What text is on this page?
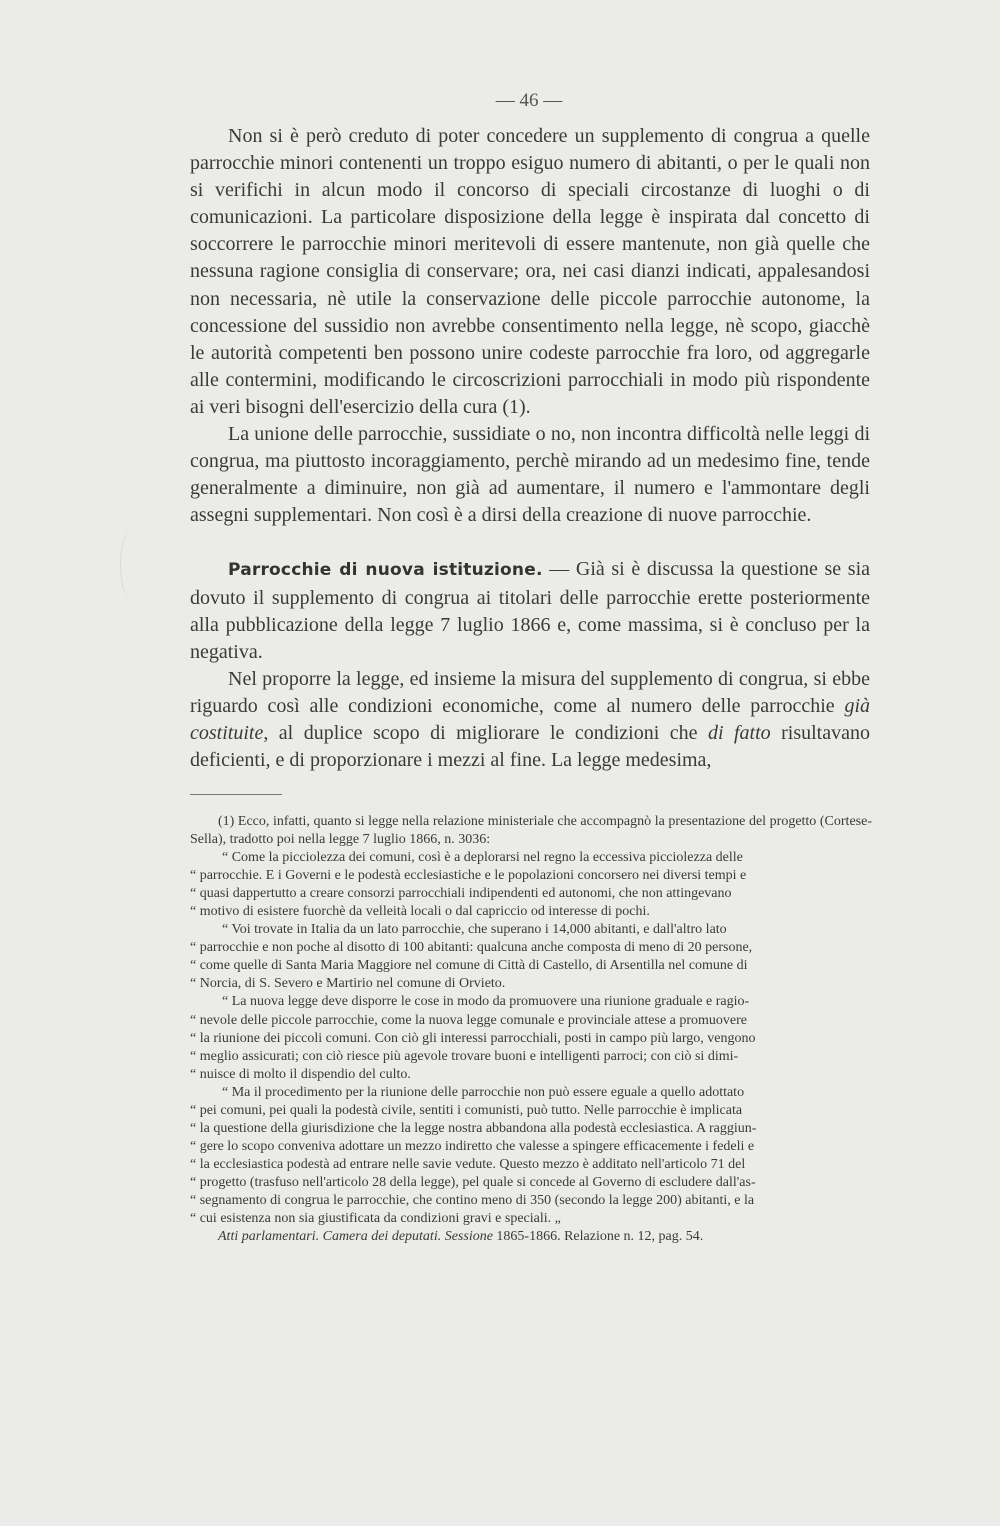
— 46 —

Non si è però creduto di poter concedere un supplemento di congrua a quelle parrocchie minori contenenti un troppo esiguo numero di abitanti, o per le quali non si verifichi in alcun modo il concorso di speciali circostanze di luoghi o di comunicazioni. La particolare disposizione della legge è inspirata dal concetto di soccorrere le parrocchie minori meritevoli di essere mantenute, non già quelle che nessuna ragione consiglia di conservare; ora, nei casi dianzi indicati, appalesandosi non necessaria, nè utile la conservazione delle piccole parrocchie autonome, la concessione del sussidio non avrebbe consentimento nella legge, nè scopo, giacchè le autorità competenti ben possono unire codeste parrocchie fra loro, od aggregarle alle contermini, modificando le circoscrizioni parrocchiali in modo più rispondente ai veri bisogni dell'esercizio della cura (1).

La unione delle parrocchie, sussidiate o no, non incontra difficoltà nelle leggi di congrua, ma piuttosto incoraggiamento, perchè mirando ad un medesimo fine, tende generalmente a diminuire, non già ad aumentare, il numero e l'ammontare degli assegni supplementari. Non così è a dirsi della creazione di nuove parrocchie.

Parrocchie di nuova istituzione. — Già si è discussa la questione se sia dovuto il supplemento di congrua ai titolari delle parrocchie erette posteriormente alla pubblicazione della legge 7 luglio 1866 e, come massima, si è concluso per la negativa.

Nel proporre la legge, ed insieme la misura del supplemento di congrua, si ebbe riguardo così alle condizioni economiche, come al numero delle parrocchie già costituite, al duplice scopo di migliorare le condizioni che di fatto risultavano deficienti, e di proporzionare i mezzi al fine. La legge medesima,

(1) Ecco, infatti, quanto si legge nella relazione ministeriale che accompagnò la presentazione del progetto (Cortese-Sella), tradotto poi nella legge 7 luglio 1866, n. 3036:

“ Come la picciolezza dei comuni, così è a deplorarsi nel regno la eccessiva picciolezza delle

“ parrocchie. E i Governi e le podestà ecclesiastiche e le popolazioni concorsero nei diversi tempi e

“ quasi dappertutto a creare consorzi parrocchiali indipendenti ed autonomi, che non attingevano

“ motivo di esistere fuorchè da velleità locali o dal capriccio od interesse di pochi.

“ Voi trovate in Italia da un lato parrocchie, che superano i 14,000 abitanti, e dall'altro lato

“ parrocchie e non poche al disotto di 100 abitanti: qualcuna anche composta di meno di 20 persone,

“ come quelle di Santa Maria Maggiore nel comune di Città di Castello, di Arsentilla nel comune di

“ Norcia, di S. Severo e Martirio nel comune di Orvieto.

“ La nuova legge deve disporre le cose in modo da promuovere una riunione graduale e ragio-

“ nevole delle piccole parrocchie, come la nuova legge comunale e provinciale attese a promuovere

“ la riunione dei piccoli comuni. Con ciò gli interessi parrocchiali, posti in campo più largo, vengono

“ meglio assicurati; con ciò riesce più agevole trovare buoni e intelligenti parroci; con ciò si dimi-

“ nuisce di molto il dispendio del culto.

“ Ma il procedimento per la riunione delle parrocchie non può essere eguale a quello adottato

“ pei comuni, pei quali la podestà civile, sentiti i comunisti, può tutto. Nelle parrocchie è implicata

“ la questione della giurisdizione che la legge nostra abbandona alla podestà ecclesiastica. A raggiun-

“ gere lo scopo conveniva adottare un mezzo indiretto che valesse a spingere efficacemente i fedeli e

“ la ecclesiastica podestà ad entrare nelle savie vedute. Questo mezzo è additato nell'articolo 71 del

“ progetto (trasfuso nell'articolo 28 della legge), pel quale si concede al Governo di escludere dall'as-

“ segnamento di congrua le parrocchie, che contino meno di 350 (secondo la legge 200) abitanti, e la

“ cui esistenza non sia giustificata da condizioni gravi e speciali. „

Atti parlamentari. Camera dei deputati. Sessione 1865-1866. Relazione n. 12, pag. 54.
